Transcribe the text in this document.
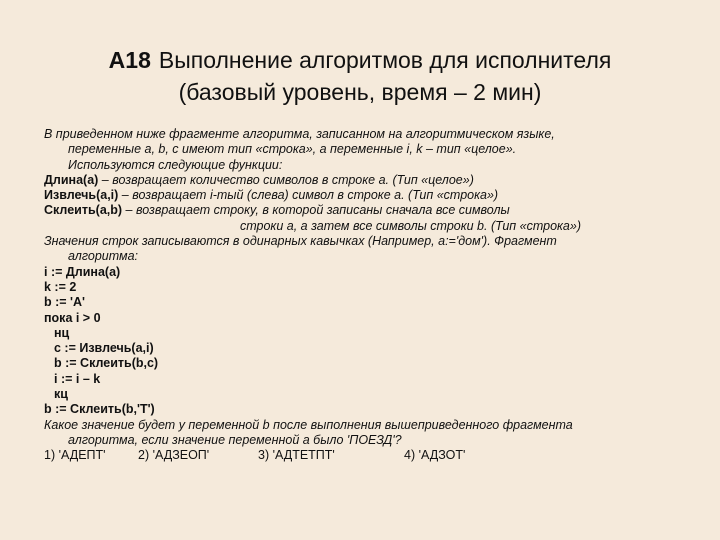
А18 Выполнение алгоритмов для исполнителя
(базовый уровень, время – 2 мин)
В приведенном ниже фрагменте алгоритма, записанном на алгоритмическом языке,
переменные a, b, c имеют тип «строка», а переменные i, k – тип «целое».
Используются следующие функции:
Длина(a) – возвращает количество символов в строке a. (Тип «целое»)
Извлечь(a,i) – возвращает i-тый (слева) символ в строке a. (Тип «строка»)
Склеить(a,b) – возвращает строку, в которой записаны сначала все символы
строки a, а затем все символы строки b. (Тип «строка»)
Значения строк записываются в одинарных кавычках (Например, a:='дом'). Фрагмент
алгоритма:
i := Длина(a)
k := 2
b := 'A'
пока i > 0
нц
c := Извлечь(a,i)
b := Склеить(b,c)
i := i – k
кц
b := Склеить(b,'Т')
Какое значение будет у переменной b после выполнения вышеприведенного фрагмента
алгоритма, если значение переменной a было 'ПОЕЗД'?
1) 'АДЕПТ'	2) 'АДЗЕОП'	3) 'АДТЕТПТ'	4) 'АДЗОТ'
